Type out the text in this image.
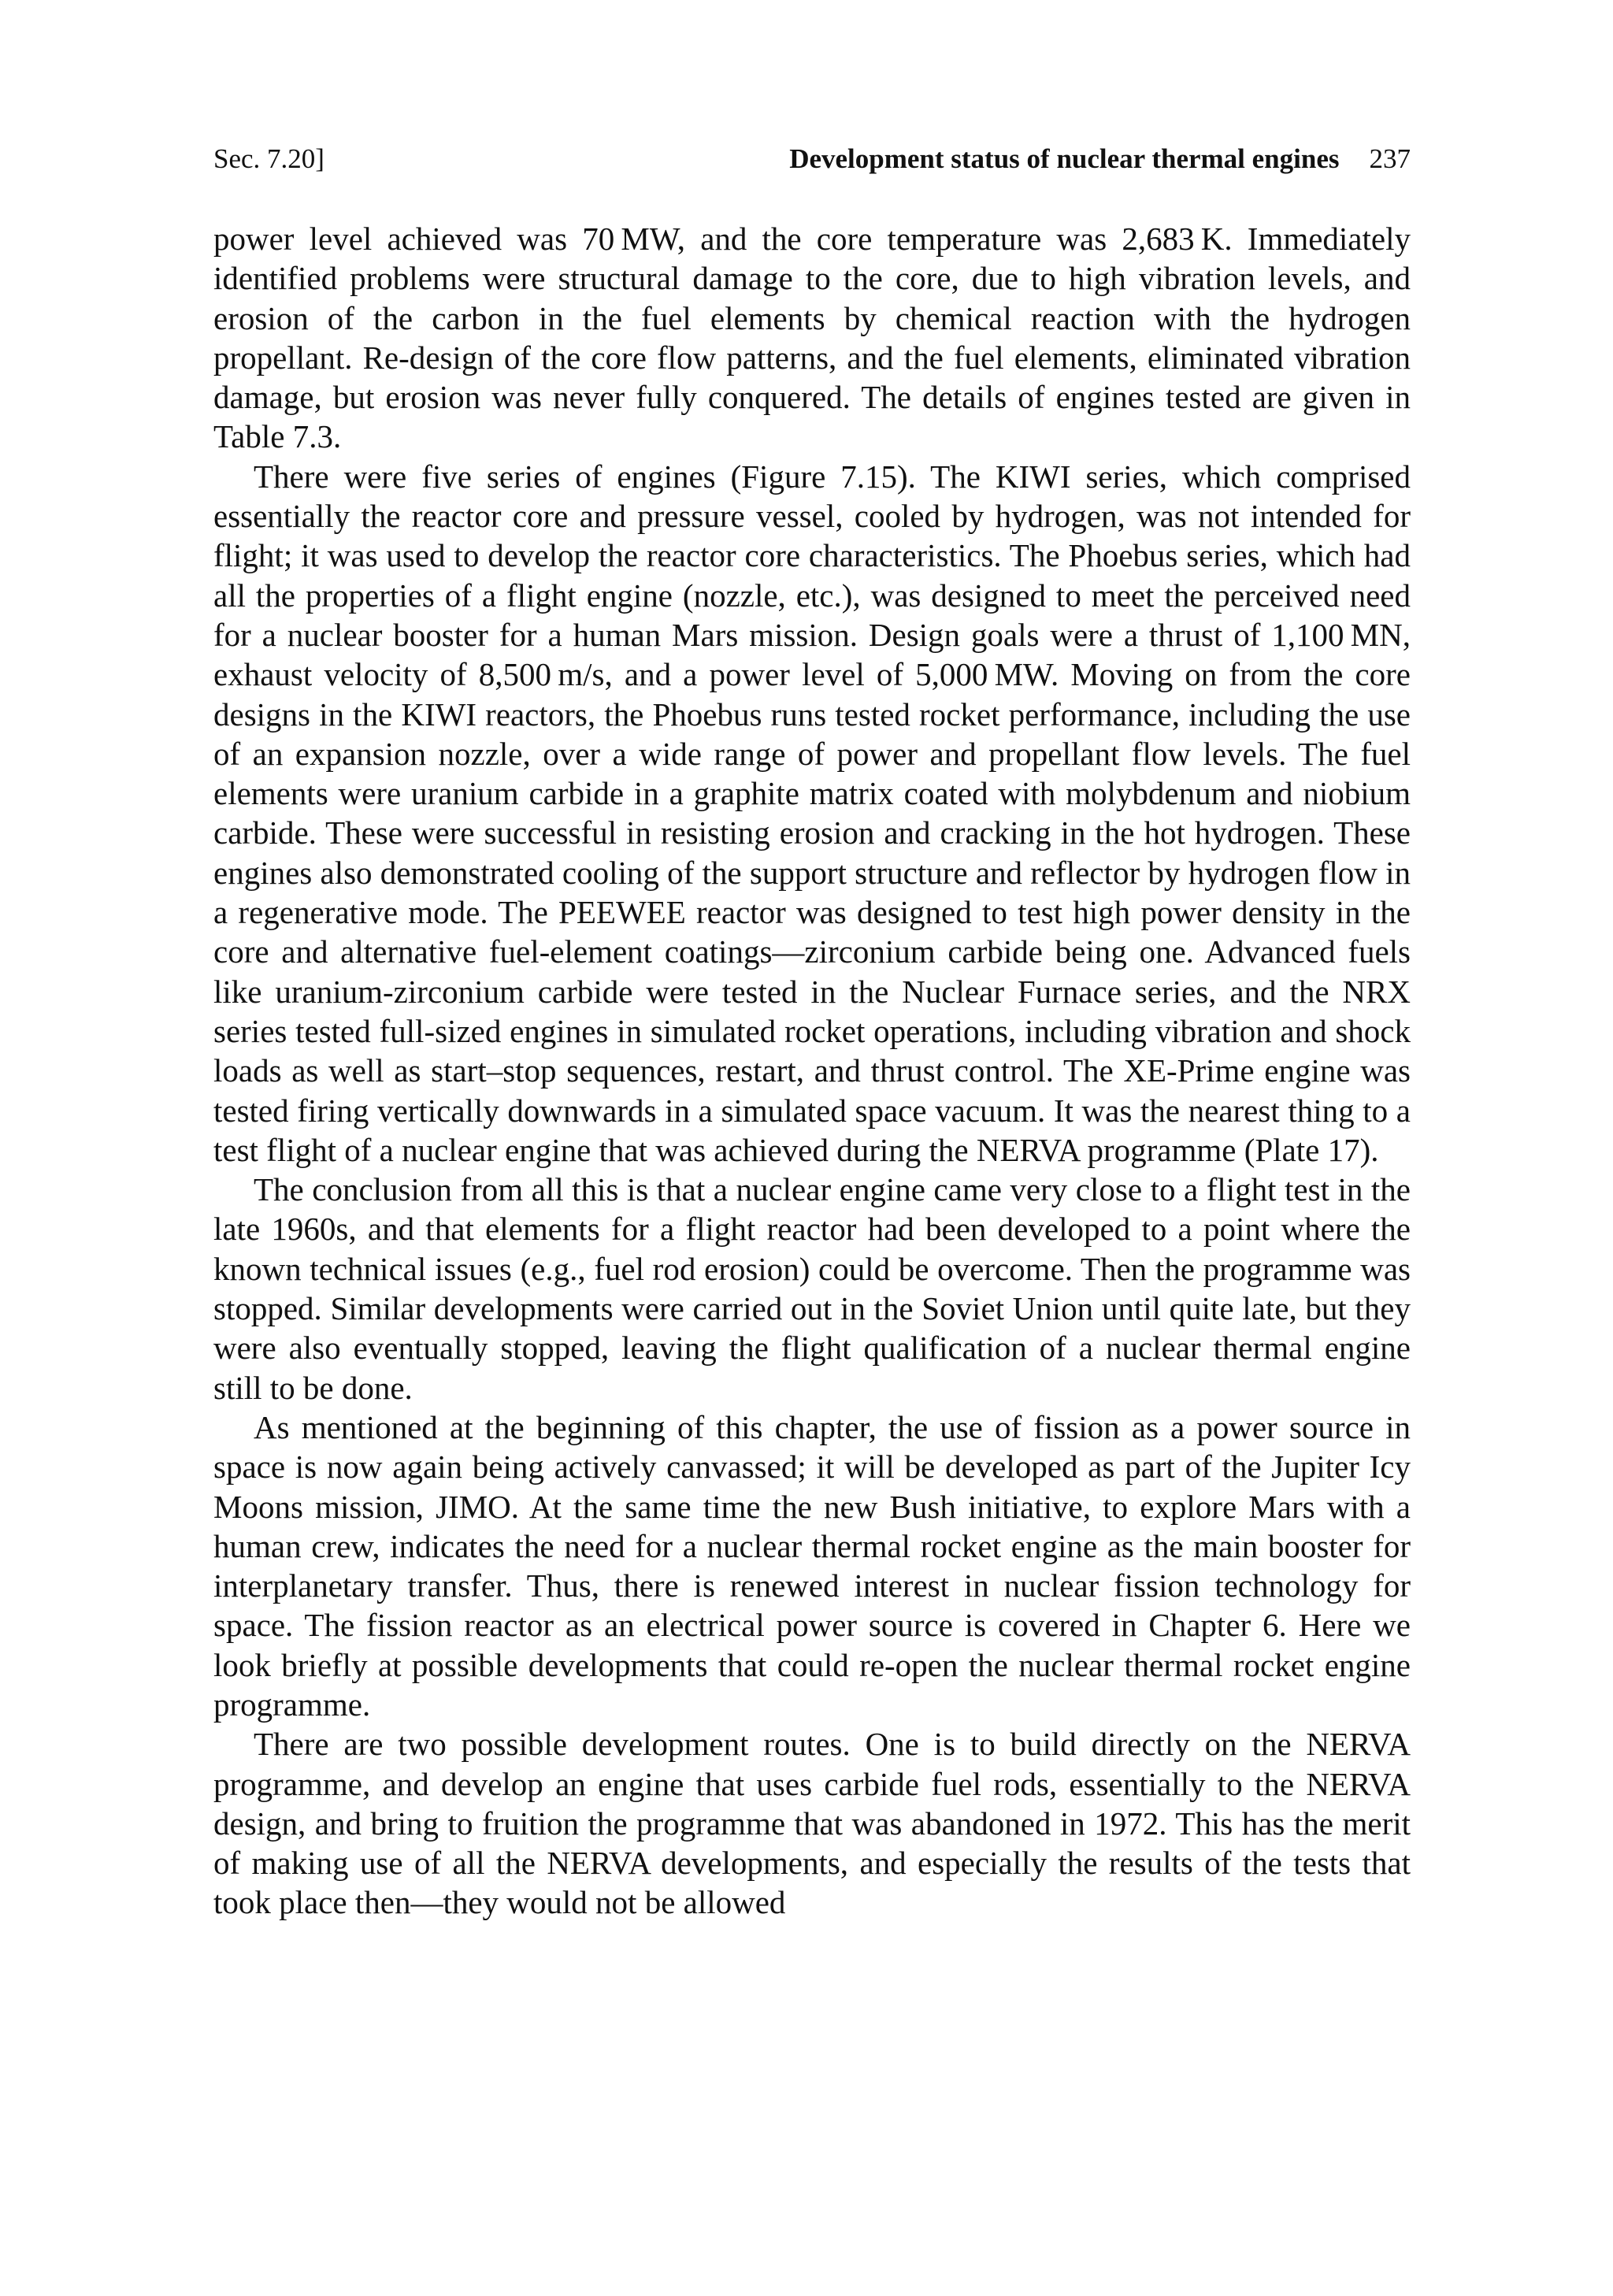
Sec. 7.20]	Development status of nuclear thermal engines 237

power level achieved was 70 MW, and the core temperature was 2,683 K. Immediately identified problems were structural damage to the core, due to high vibration levels, and erosion of the carbon in the fuel elements by chemical reaction with the hydrogen propellant. Re-design of the core flow patterns, and the fuel elements, eliminated vibration damage, but erosion was never fully conquered. The details of engines tested are given in Table 7.3.

There were five series of engines (Figure 7.15). The KIWI series, which comprised essentially the reactor core and pressure vessel, cooled by hydrogen, was not intended for flight; it was used to develop the reactor core characteristics. The Phoebus series, which had all the properties of a flight engine (nozzle, etc.), was designed to meet the perceived need for a nuclear booster for a human Mars mission. Design goals were a thrust of 1,100 MN, exhaust velocity of 8,500 m/s, and a power level of 5,000 MW. Moving on from the core designs in the KIWI reactors, the Phoebus runs tested rocket performance, including the use of an expansion nozzle, over a wide range of power and propellant flow levels. The fuel elements were uranium carbide in a graphite matrix coated with molybdenum and niobium carbide. These were successful in resisting erosion and cracking in the hot hydrogen. These engines also demonstrated cooling of the support structure and reflector by hydrogen flow in a regenerative mode. The PEEWEE reactor was designed to test high power density in the core and alternative fuel-element coatings—zirconium carbide being one. Advanced fuels like uranium-zirconium carbide were tested in the Nuclear Furnace series, and the NRX series tested full-sized engines in simulated rocket operations, including vibration and shock loads as well as start–stop sequences, restart, and thrust control. The XE-Prime engine was tested firing vertically downwards in a simulated space vacuum. It was the nearest thing to a test flight of a nuclear engine that was achieved during the NERVA programme (Plate 17).

The conclusion from all this is that a nuclear engine came very close to a flight test in the late 1960s, and that elements for a flight reactor had been developed to a point where the known technical issues (e.g., fuel rod erosion) could be overcome. Then the programme was stopped. Similar developments were carried out in the Soviet Union until quite late, but they were also eventually stopped, leaving the flight qualification of a nuclear thermal engine still to be done.

As mentioned at the beginning of this chapter, the use of fission as a power source in space is now again being actively canvassed; it will be developed as part of the Jupiter Icy Moons mission, JIMO. At the same time the new Bush initiative, to explore Mars with a human crew, indicates the need for a nuclear thermal rocket engine as the main booster for interplanetary transfer. Thus, there is renewed interest in nuclear fission technology for space. The fission reactor as an electrical power source is covered in Chapter 6. Here we look briefly at possible developments that could re-open the nuclear thermal rocket engine programme.

There are two possible development routes. One is to build directly on the NERVA programme, and develop an engine that uses carbide fuel rods, essentially to the NERVA design, and bring to fruition the programme that was abandoned in 1972. This has the merit of making use of all the NERVA developments, and especially the results of the tests that took place then—they would not be allowed
